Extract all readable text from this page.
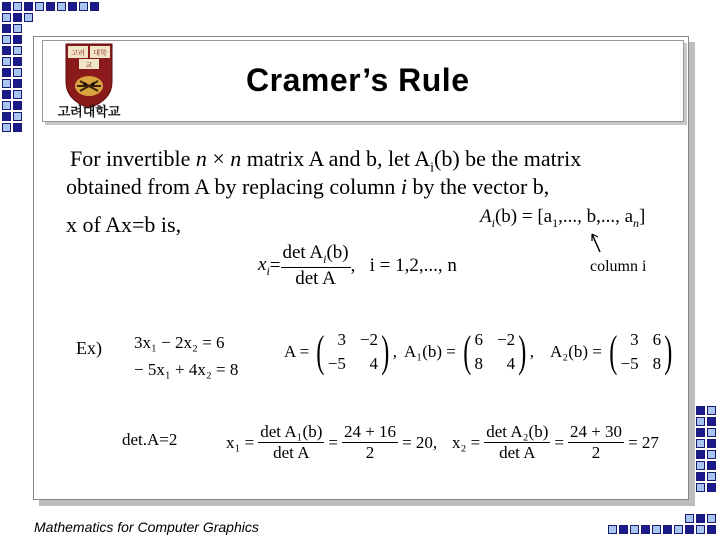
고려 대학
교
고려대학교
Cramer’s Rule
For invertible n × n matrix A and b, let $A_i(b)$ be the matrix
obtained from A by replacing column i by the vector b,
x of Ax=b is,	$A_i(b) = [a_1$,..., b,..., $a_n$]
column i
$x_i = \frac{\det A_i(b)}{\text{det A}}$ ,   i = 1,2,..., n
Ex) 3x₁ − 2x₂ = 6
− 5x₁ + 4x₂ = 8
A = ( 3 −2
−5	4 ) , A₁(b) = ( 6 −2
8	4 ) , A₂(b) = ( 3 6
−5 8 )
det.A=2	$x_1 = \frac{\text{det A₁(b)}}{\text{det A}} = \frac{24 + 16}{2} = 20$, $x_2 = \frac{\text{det A₂(b)}}{\text{det A}} = \frac{24 + 30}{2} = 27$
Mathematics for Computer Graphics
